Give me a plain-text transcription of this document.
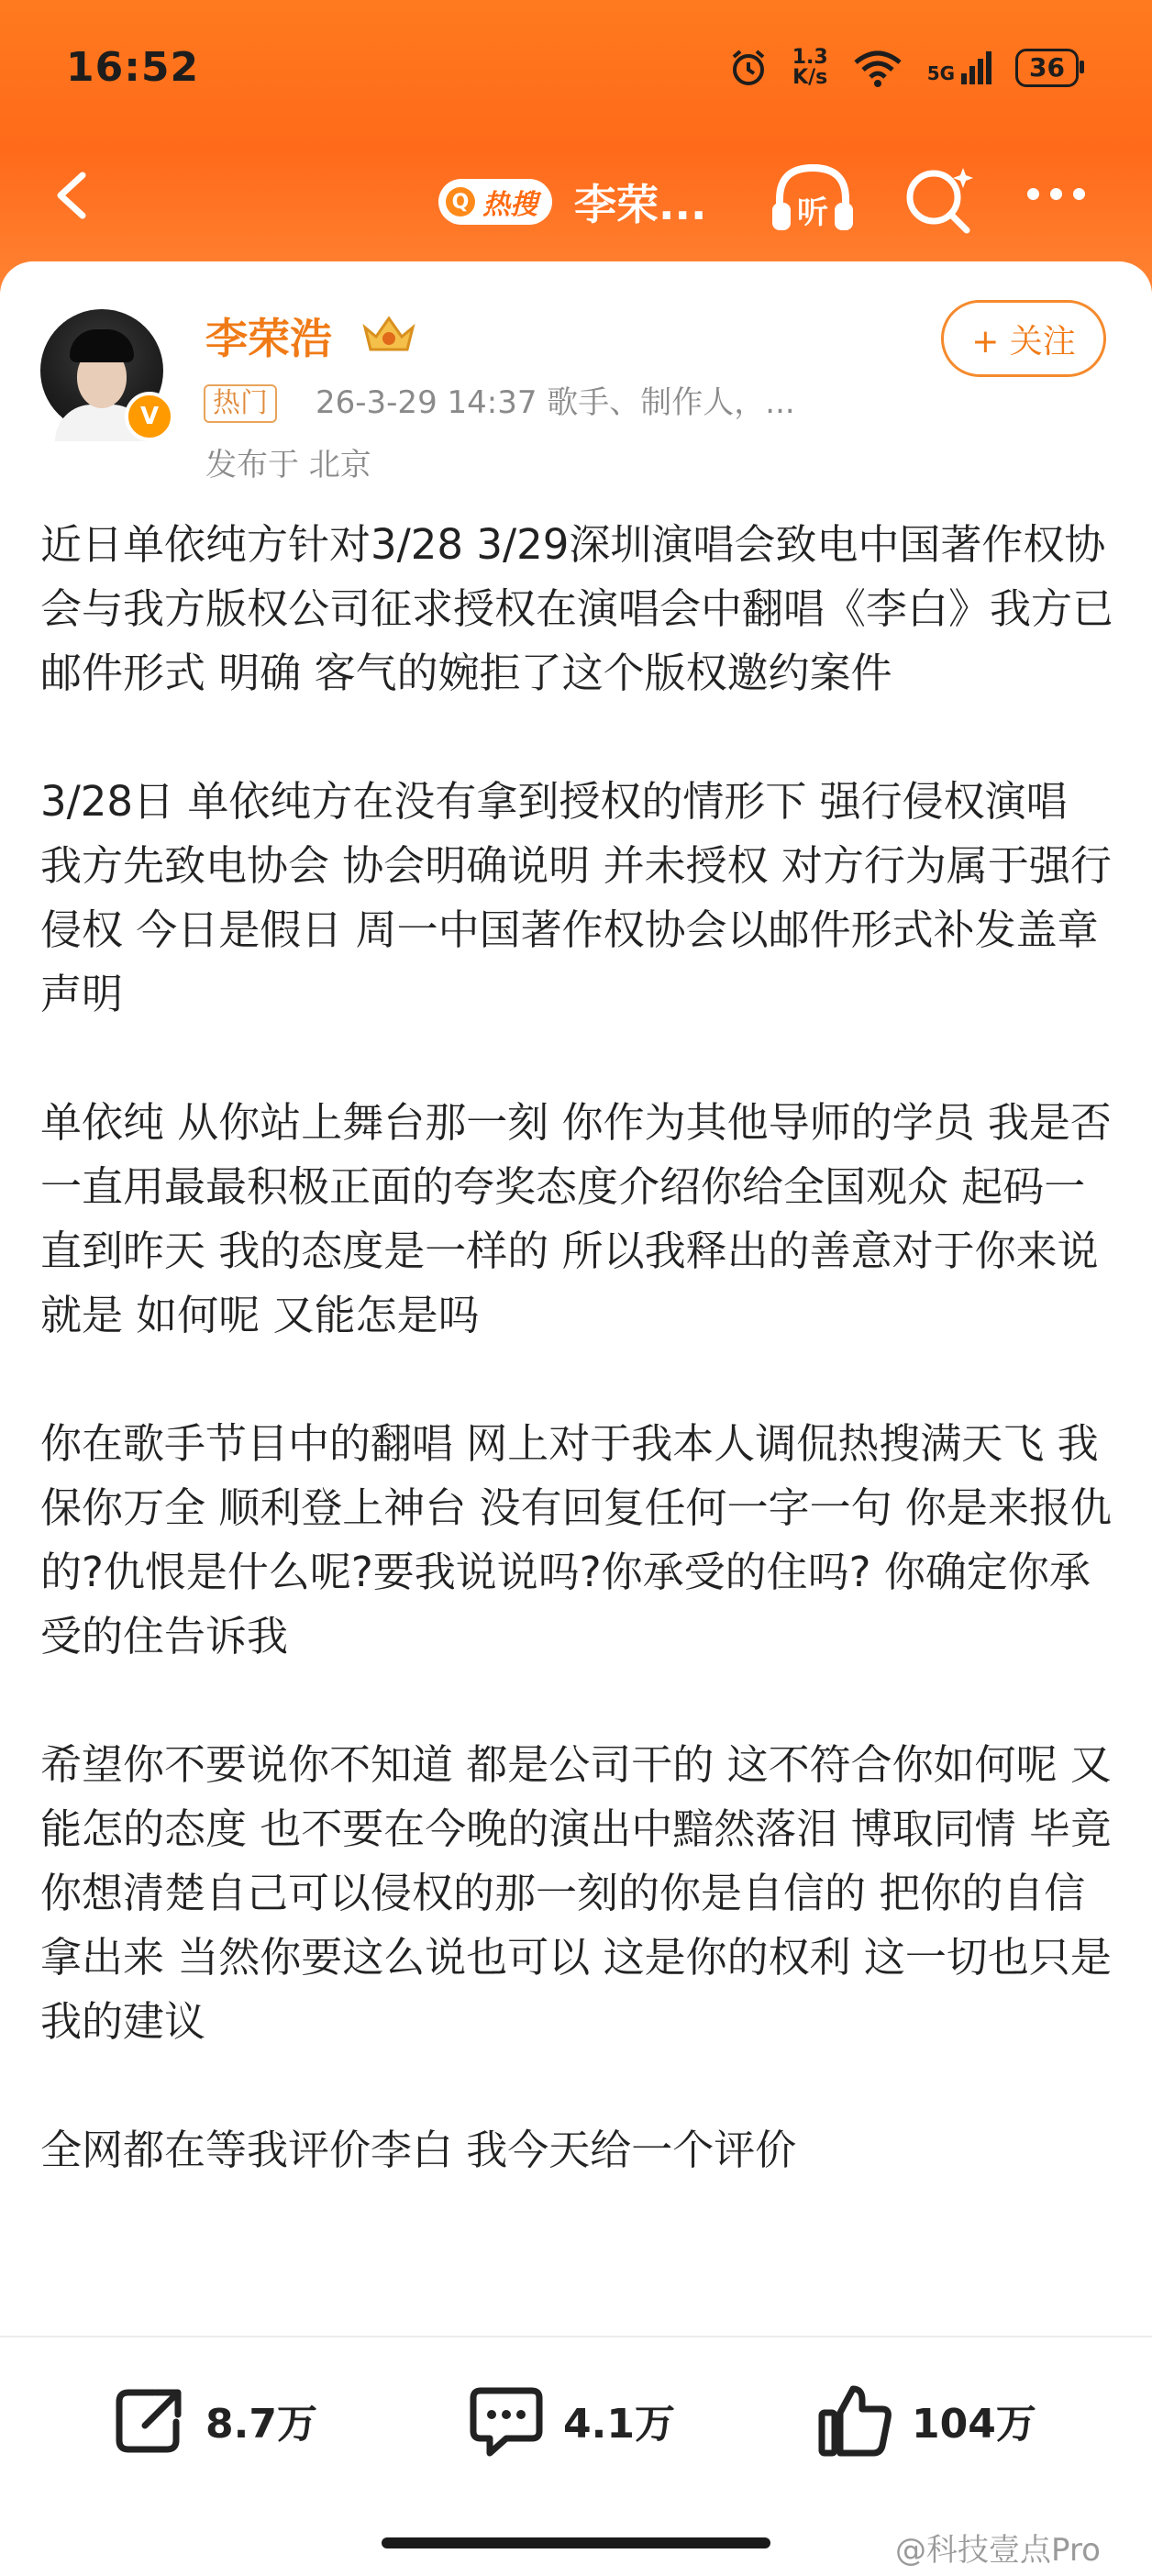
16:52	1.3
K/s	5G	36
Q 热搜 李荣...	听
V
李荣浩
热门 26-3-29 14:37 歌手、制作人，...
发布于 北京
+ 关注

近日单依纯方针对3/28 3/29深圳演唱会致电中国著作权协会与我方版权公司征求授权在演唱会中翻唱《李白》我方已邮件形式 明确 客气的婉拒了这个版权邀约案件

3/28日 单依纯方在没有拿到授权的情形下 强行侵权演唱 我方先致电协会 协会明确说明 并未授权 对方行为属于强行侵权 今日是假日 周一中国著作权协会以邮件形式补发盖章声明

单依纯 从你站上舞台那一刻 你作为其他导师的学员 我是否一直用最最积极正面的夸奖态度介绍你给全国观众 起码一直到昨天 我的态度是一样的 所以我释出的善意对于你来说 就是 如何呢 又能怎是吗

你在歌手节目中的翻唱 网上对于我本人调侃热搜满天飞 我保你万全 顺利登上神台 没有回复任何一字一句 你是来报仇的?仇恨是什么呢?要我说说吗?你承受的住吗? 你确定你承受的住告诉我

希望你不要说你不知道 都是公司干的 这不符合你如何呢 又能怎的态度 也不要在今晚的演出中黯然落泪 博取同情 毕竟你想清楚自己可以侵权的那一刻的你是自信的 把你的自信拿出来 当然你要这么说也可以 这是你的权利 这一切也只是我的建议

全网都在等我评价李白 我今天给一个评价

8.7万	4.1万	104万
@科技壹点Pro
